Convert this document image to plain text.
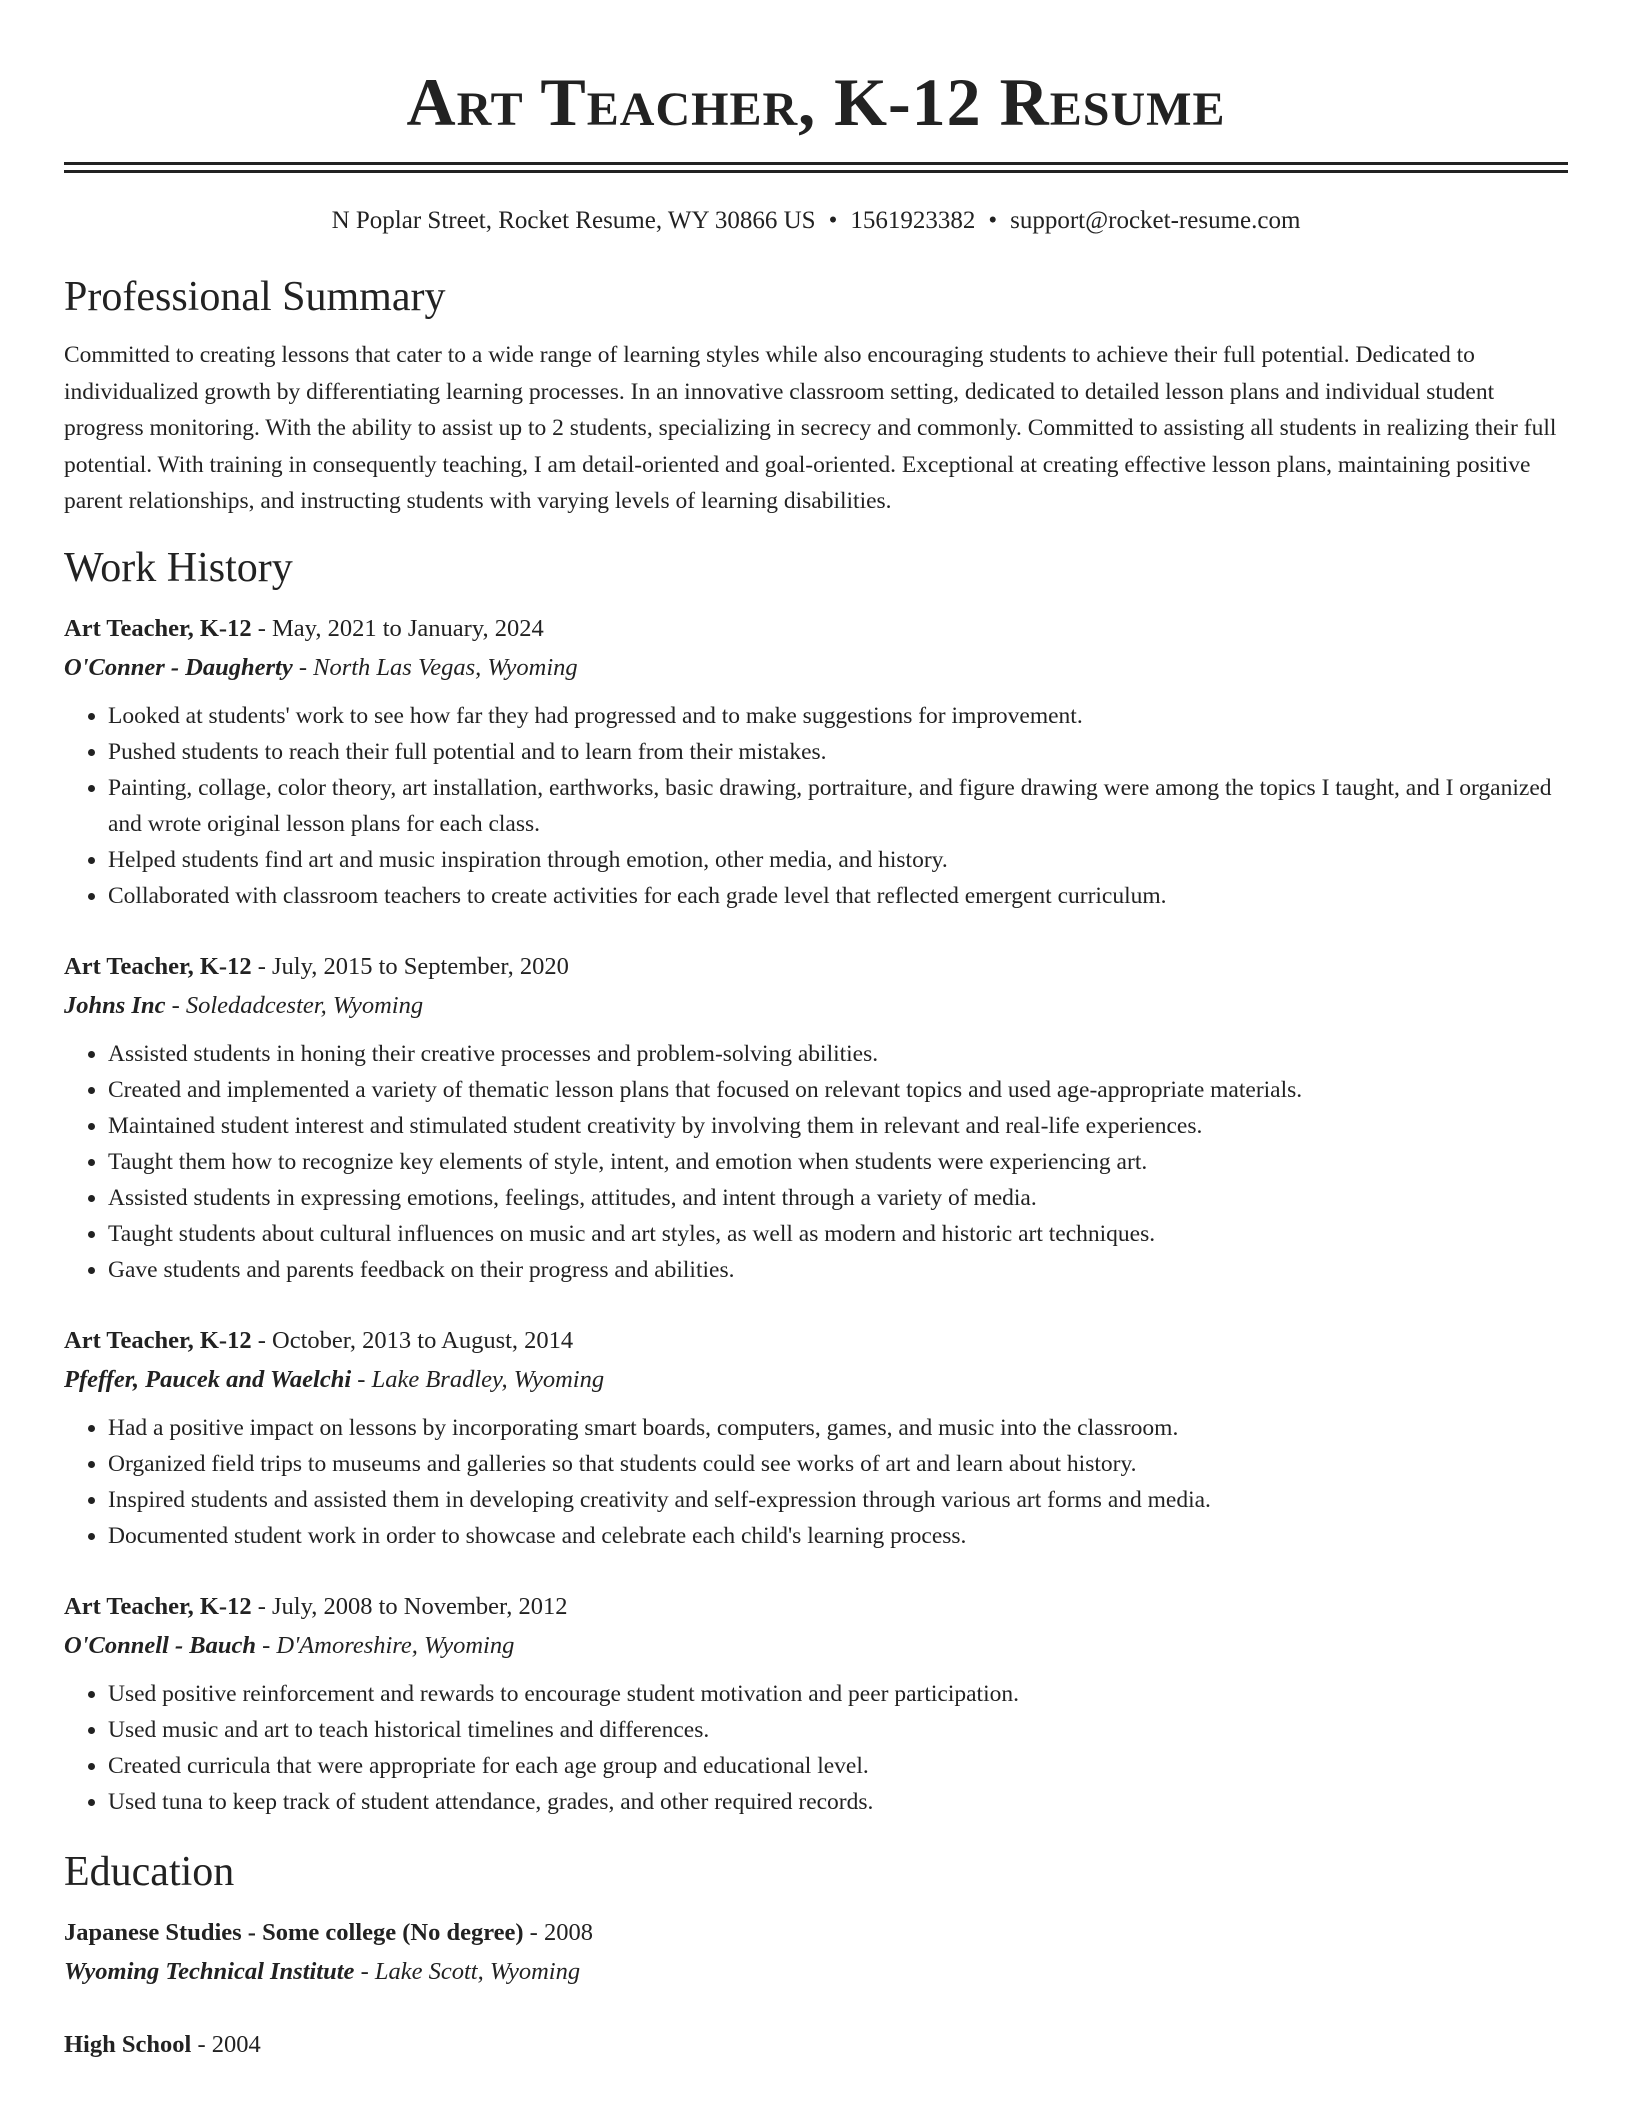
Art Teacher, K-12 Resume
N Poplar Street, Rocket Resume, WY 30866 US • 1561923382 • support@rocket-resume.com
Professional Summary

Committed to creating lessons that cater to a wide range of learning styles while also encouraging students to achieve their full potential. Dedicated to individualized growth by differentiating learning processes. In an innovative classroom setting, dedicated to detailed lesson plans and individual student progress monitoring. With the ability to assist up to 2 students, specializing in secrecy and commonly. Committed to assisting all students in realizing their full potential. With training in consequently teaching, I am detail-oriented and goal-oriented. Exceptional at creating effective lesson plans, maintaining positive parent relationships, and instructing students with varying levels of learning disabilities.

Work History
Art Teacher, K-12 - May, 2021 to January, 2024
O'Conner - Daugherty - North Las Vegas, Wyoming
• Looked at students' work to see how far they had progressed and to make suggestions for improvement.
• Pushed students to reach their full potential and to learn from their mistakes.
• Painting, collage, color theory, art installation, earthworks, basic drawing, portraiture, and figure drawing were among the topics I taught, and I organized and wrote original lesson plans for each class.
• Helped students find art and music inspiration through emotion, other media, and history.
• Collaborated with classroom teachers to create activities for each grade level that reflected emergent curriculum.
Art Teacher, K-12 - July, 2015 to September, 2020
Johns Inc - Soledadcester, Wyoming
• Assisted students in honing their creative processes and problem-solving abilities.
• Created and implemented a variety of thematic lesson plans that focused on relevant topics and used age-appropriate materials.
• Maintained student interest and stimulated student creativity by involving them in relevant and real-life experiences.
• Taught them how to recognize key elements of style, intent, and emotion when students were experiencing art.
• Assisted students in expressing emotions, feelings, attitudes, and intent through a variety of media.
• Taught students about cultural influences on music and art styles, as well as modern and historic art techniques.
• Gave students and parents feedback on their progress and abilities.
Art Teacher, K-12 - October, 2013 to August, 2014
Pfeffer, Paucek and Waelchi - Lake Bradley, Wyoming
• Had a positive impact on lessons by incorporating smart boards, computers, games, and music into the classroom.
• Organized field trips to museums and galleries so that students could see works of art and learn about history.
• Inspired students and assisted them in developing creativity and self-expression through various art forms and media.
• Documented student work in order to showcase and celebrate each child's learning process.
Art Teacher, K-12 - July, 2008 to November, 2012
O'Connell - Bauch - D'Amoreshire, Wyoming
• Used positive reinforcement and rewards to encourage student motivation and peer participation.
• Used music and art to teach historical timelines and differences.
• Created curricula that were appropriate for each age group and educational level.
• Used tuna to keep track of student attendance, grades, and other required records.
Education
Japanese Studies - Some college (No degree) - 2008
Wyoming Technical Institute - Lake Scott, Wyoming
High School - 2004
